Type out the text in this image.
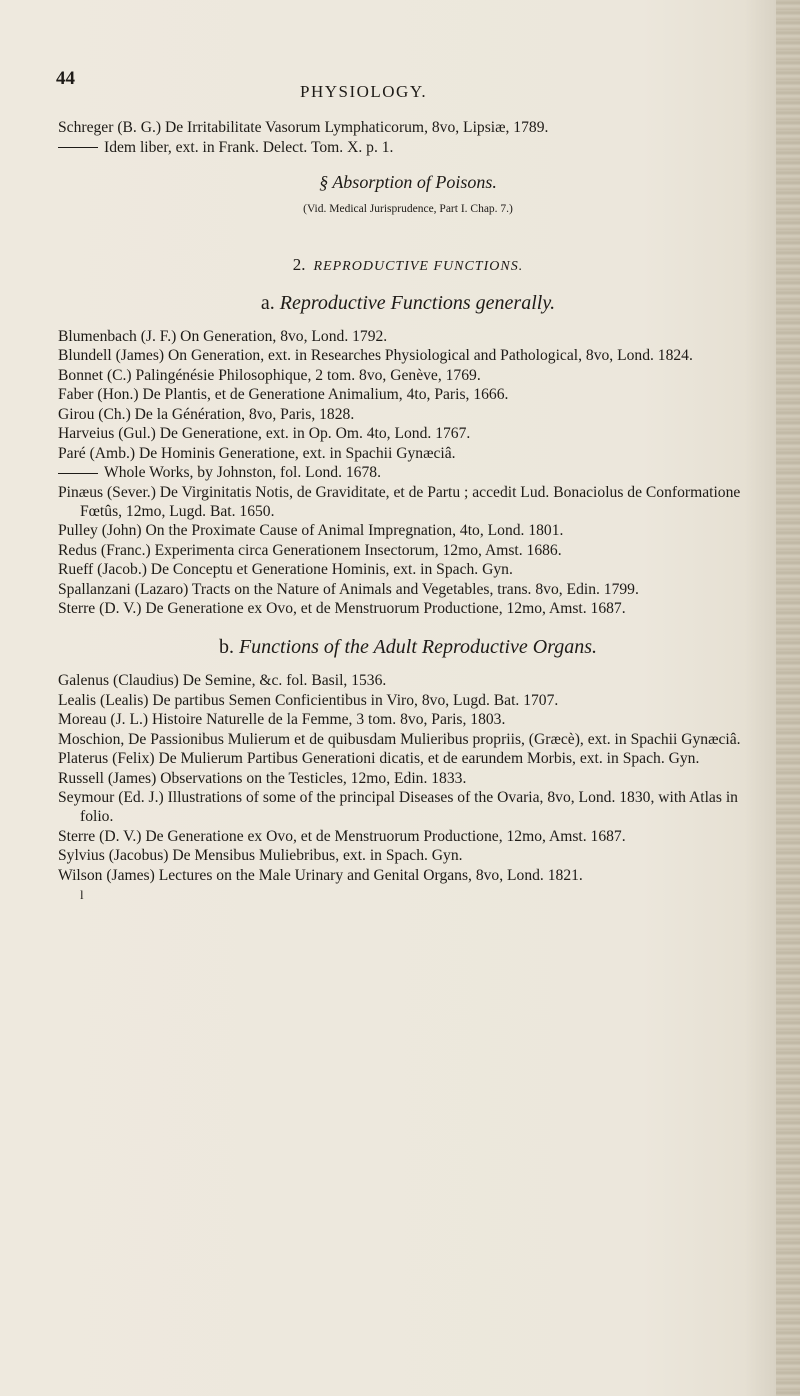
44
PHYSIOLOGY.

Schreger (B. G.) De Irritabilitate Vasorum Lymphaticorum, 8vo, Lipsiæ, 1789.

Idem liber, ext. in Frank. Delect. Tom. X. p. 1.

§ Absorption of Poisons.
(Vid. Medical Jurisprudence, Part I. Chap. 7.)
2. REPRODUCTIVE FUNCTIONS.
a. Reproductive Functions generally.

Blumenbach (J. F.) On Generation, 8vo, Lond. 1792.

Blundell (James) On Generation, ext. in Researches Physiological and Pathological, 8vo, Lond. 1824.

Bonnet (C.) Palingénésie Philosophique, 2 tom. 8vo, Genève, 1769.

Faber (Hon.) De Plantis, et de Generatione Animalium, 4to, Paris, 1666.

Girou (Ch.) De la Génération, 8vo, Paris, 1828.

Harveius (Gul.) De Generatione, ext. in Op. Om. 4to, Lond. 1767.

Paré (Amb.) De Hominis Generatione, ext. in Spachii Gynæciâ.

Whole Works, by Johnston, fol. Lond. 1678.

Pinæus (Sever.) De Virginitatis Notis, de Graviditate, et de Partu ; accedit Lud. Bonaciolus de Conformatione Fœtûs, 12mo, Lugd. Bat. 1650.

Pulley (John) On the Proximate Cause of Animal Impregnation, 4to, Lond. 1801.

Redus (Franc.) Experimenta circa Generationem Insectorum, 12mo, Amst. 1686.

Rueff (Jacob.) De Conceptu et Generatione Hominis, ext. in Spach. Gyn.

Spallanzani (Lazaro) Tracts on the Nature of Animals and Vegetables, trans. 8vo, Edin. 1799.

Sterre (D. V.) De Generatione ex Ovo, et de Menstruorum Productione, 12mo, Amst. 1687.

b. Functions of the Adult Reproductive Organs.

Galenus (Claudius) De Semine, &c. fol. Basil, 1536.

Lealis (Lealis) De partibus Semen Conficientibus in Viro, 8vo, Lugd. Bat. 1707.

Moreau (J. L.) Histoire Naturelle de la Femme, 3 tom. 8vo, Paris, 1803.

Moschion, De Passionibus Mulierum et de quibusdam Mulieribus propriis, (Græcè), ext. in Spachii Gynæciâ.

Platerus (Felix) De Mulierum Partibus Generationi dicatis, et de earundem Morbis, ext. in Spach. Gyn.

Russell (James) Observations on the Testicles, 12mo, Edin. 1833.

Seymour (Ed. J.) Illustrations of some of the principal Diseases of the Ovaria, 8vo, Lond. 1830, with Atlas in folio.

Sterre (D. V.) De Generatione ex Ovo, et de Menstruorum Productione, 12mo, Amst. 1687.

Sylvius (Jacobus) De Mensibus Muliebribus, ext. in Spach. Gyn.

Wilson (James) Lectures on the Male Urinary and Genital Organs, 8vo, Lond. 1821.

l
